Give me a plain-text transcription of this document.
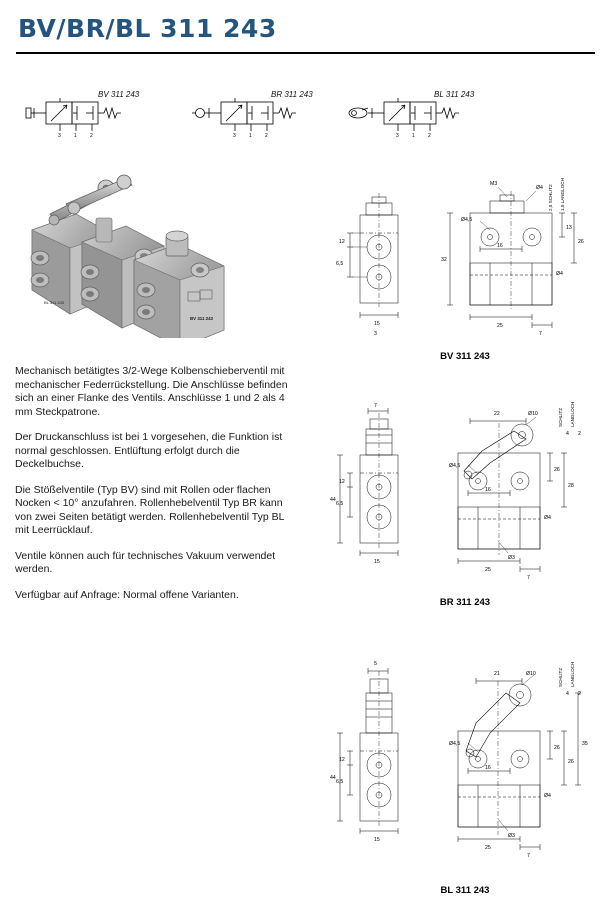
BV/BR/BL 311 243
BV 311 243
3	1	2
BR 311 243
3	1	2
BL 311 243
3	1	2
BL 311 243
BV 311 243

Mechanisch betätigtes 3/2-Wege Kolbenschieberventil mit mechanischer Federrückstellung. Die Anschlüsse befinden sich an einer Flanke des Ventils. Anschlüsse 1 und 2 als 4 mm Steckpatrone.

Der Druckanschluss ist bei 1 vorgesehen, die Funktion ist normal geschlossen. Entlüftung erfolgt durch die Deckelbuchse.

Die Stößelventile (Typ BV) sind mit Rollen oder flachen Nocken < 10° anzufahren. Rollenhebelventil Typ BR kann von zwei Seiten betätigt werden. Rollenhebelventil Typ BL mit Leerrücklauf.

Ventile können auch für technisches Vakuum verwendet werden.

Verfügbar auf Anfrage: Normal offene Varianten.

15
6,5
12
25
7
13
26
32
16
M3
Ø4
Ø4,5
Ø4
2,5 SCHLITZ 1,5 LANGLOCH
3
BV 311 243
7
15
6,5
12
44
22	Ø10
25
7
26
28
16
Ø4,5
Ø4
Ø3
4 2
SCHLITZ LANGLOCH
BR 311 243
5
15
6,5
12
44
21	Ø10
25
7
26
26
35
16
Ø4,5
Ø4
Ø3
4 2
SCHLITZ LANGLOCH
BL 311 243
